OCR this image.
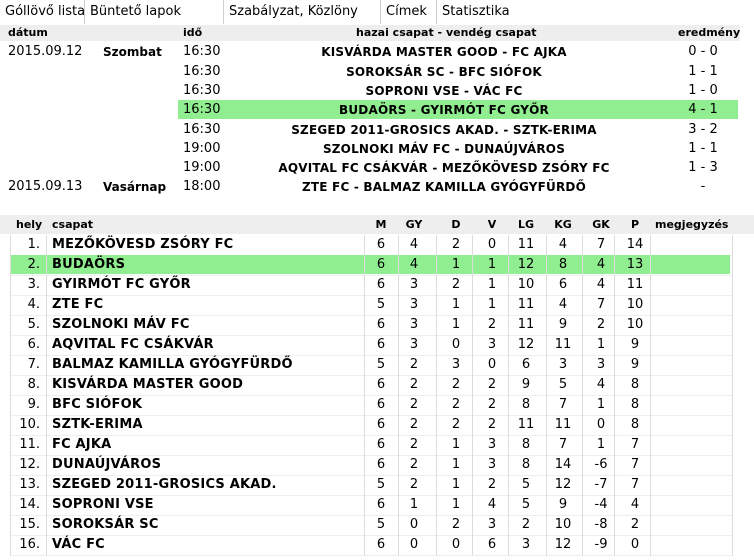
Góllövő lista Büntető lapok	Szabályzat, Közlöny	Címek	Statisztika
dátum	idő	hazai csapat - vendég csapat	eredmény
2015.09.12	Szombat 16:30	KISVÁRDA MASTER GOOD - FC AJKA	0 - 0
16:30	SOROKSÁR SC - BFC SIÓFOK	1 - 1
16:30	SOPRONI VSE - VÁC FC	1 - 0
16:30	BUDAÖRS - GYIRMÓT FC GYŐR	4 - 1
16:30	SZEGED 2011-GROSICS AKAD. - SZTK-ERIMA	3 - 2
19:00	SZOLNOKI MÁV FC - DUNAÚJVÁROS	1 - 1
19:00	AQVITAL FC CSÁKVÁR - MEZŐKÖVESD ZSÓRY FC	1 - 3
2015.09.13	Vasárnap 18:00	ZTE FC - BALMAZ KAMILLA GYÓGYFÜRDŐ	-
hely csapat	M	GY	D	V	LG	KG	GK	P	megjegyzés
1. MEZŐKÖVESD ZSÓRY FC	6	4	2	0	11	4	7	14
2. BUDAÖRS	6	4	1	1	12	8	4	13
3. GYIRMÓT FC GYŐR	6	3	2	1	10	6	4	11
4. ZTE FC	5	3	1	1	11	4	7	10
5. SZOLNOKI MÁV FC	6	3	1	2	11	9	2	10
6. AQVITAL FC CSÁKVÁR	6	3	0	3	12	11	1	9
7. BALMAZ KAMILLA GYÓGYFÜRDŐ	5	2	3	0	6	3	3	9
8. KISVÁRDA MASTER GOOD	6	2	2	2	9	5	4	8
9. BFC SIÓFOK	6	2	2	2	8	7	1	8
10. SZTK-ERIMA	6	2	2	2	11	11	0	8
11. FC AJKA	6	2	1	3	8	7	1	7
12. DUNAÚJVÁROS	6	2	1	3	8	14	-6	7
13. SZEGED 2011-GROSICS AKAD.	5	2	1	2	5	12	-7	7
14. SOPRONI VSE	6	1	1	4	5	9	-4	4
15. SOROKSÁR SC	5	0	2	3	2	10	-8	2
16. VÁC FC	6	0	0	6	3	12	-9	0
